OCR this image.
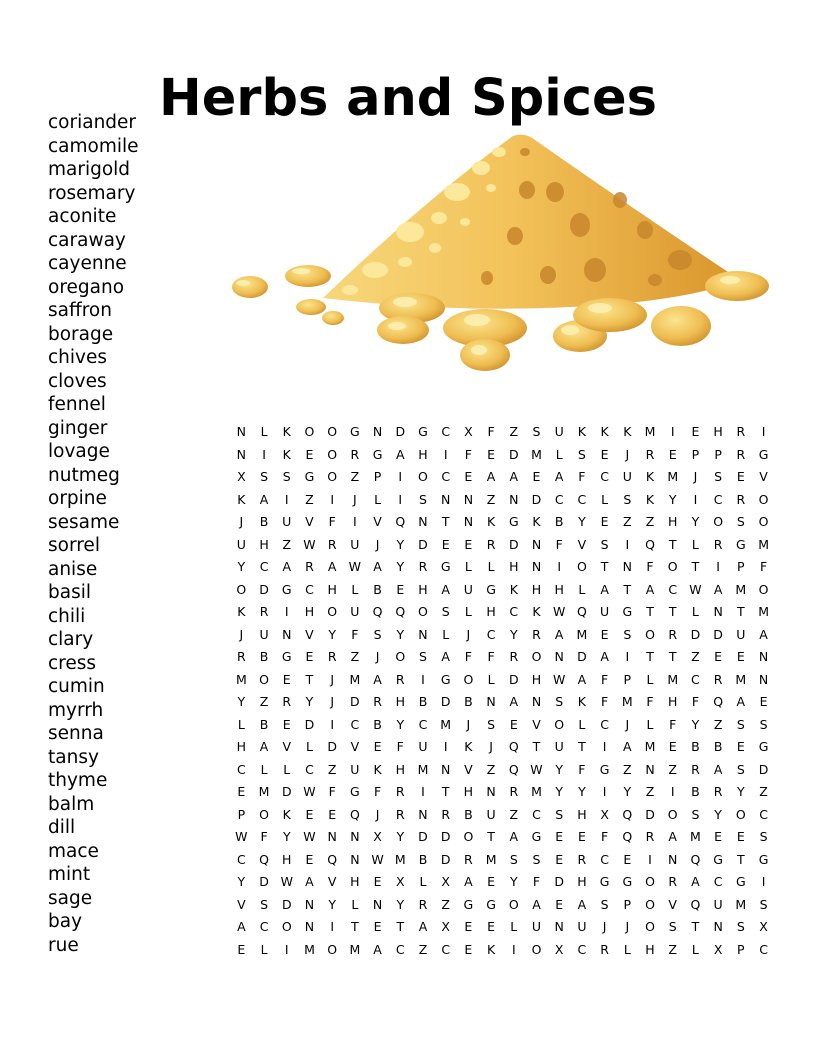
Herbs and Spices
coriander
camomile
marigold
rosemary
aconite
caraway
cayenne
oregano
saffron
borage
chives
cloves
fennel
ginger
lovage
nutmeg
orpine
sesame
sorrel
anise
basil
chili
clary
cress
cumin
myrrh
senna
tansy
thyme
balm
dill
mace
mint
sage
bay
rue
N	L	K	O	O	G	N	D	G	C	X	F	Z	S	U	K	K	K	M	I	E	H	R	I
N	I	K	E	O	R	G	A	H	I	F	E	D	M	L	S	E	J	R	E	P	P	R	G
X	S	S	G	O	Z	P	I	O	C	E	A	A	E	A	F	C	U	K	M	J	S	E	V
K	A	I	Z	I	J	L	I	S	N	N	Z	N	D	C	C	L	S	K	Y	I	C	R	O
J	B	U	V	F	I	V	Q	N	T	N	K	G	K	B	Y	E	Z	Z	H	Y	O	S	O
U	H	Z	W	R	U	J	Y	D	E	E	R	D	N	F	V	S	I	Q	T	L	R	G	M
Y	C	A	R	A	W	A	Y	R	G	L	L	H	N	I	O	T	N	F	O	T	I	P	F
O	D	G	C	H	L	B	E	H	A	U	G	K	H	H	L	A	T	A	C	W	A	M	O
K	R	I	H	O	U	Q	Q	O	S	L	H	C	K	W	Q	U	G	T	T	L	N	T	M
J	U	N	V	Y	F	S	Y	N	L	J	C	Y	R	A	M	E	S	O	R	D	D	U	A
R	B	G	E	R	Z	J	O	S	A	F	F	R	O	N	D	A	I	T	T	Z	E	E	N
M	O	E	T	J	M	A	R	I	G	O	L	D	H	W	A	F	P	L	M	C	R	M	N
Y	Z	R	Y	J	D	R	H	B	D	B	N	A	N	S	K	F	M	F	H	F	Q	A	E
L	B	E	D	I	C	B	Y	C	M	J	S	E	V	O	L	C	J	L	F	Y	Z	S	S
H	A	V	L	D	V	E	F	U	I	K	J	Q	T	U	T	I	A	M	E	B	B	E	G
C	L	L	C	Z	U	K	H	M	N	V	Z	Q	W	Y	F	G	Z	N	Z	R	A	S	D
E	M	D	W	F	G	F	R	I	T	H	N	R	M	Y	Y	I	Y	Z	I	B	R	Y	Z
P	O	K	E	E	Q	J	R	N	R	B	U	Z	C	S	H	X	Q	D	O	S	Y	O	C
W	F	Y	W	N	N	X	Y	D	D	O	T	A	G	E	E	F	Q	R	A	M	E	E	S
C	Q	H	E	Q	N	W	M	B	D	R	M	S	S	E	R	C	E	I	N	Q	G	T	G
Y	D	W	A	V	H	E	X	L	X	A	E	Y	F	D	H	G	G	O	R	A	C	G	I
V	S	D	N	Y	L	N	Y	R	Z	G	G	O	A	E	A	S	P	O	V	Q	U	M	S
A	C	O	N	I	T	E	T	A	X	E	E	L	U	N	U	J	J	O	S	T	N	S	X
E	L	I	M	O	M	A	C	Z	C	E	K	I	O	X	C	R	L	H	Z	L	X	P	C
